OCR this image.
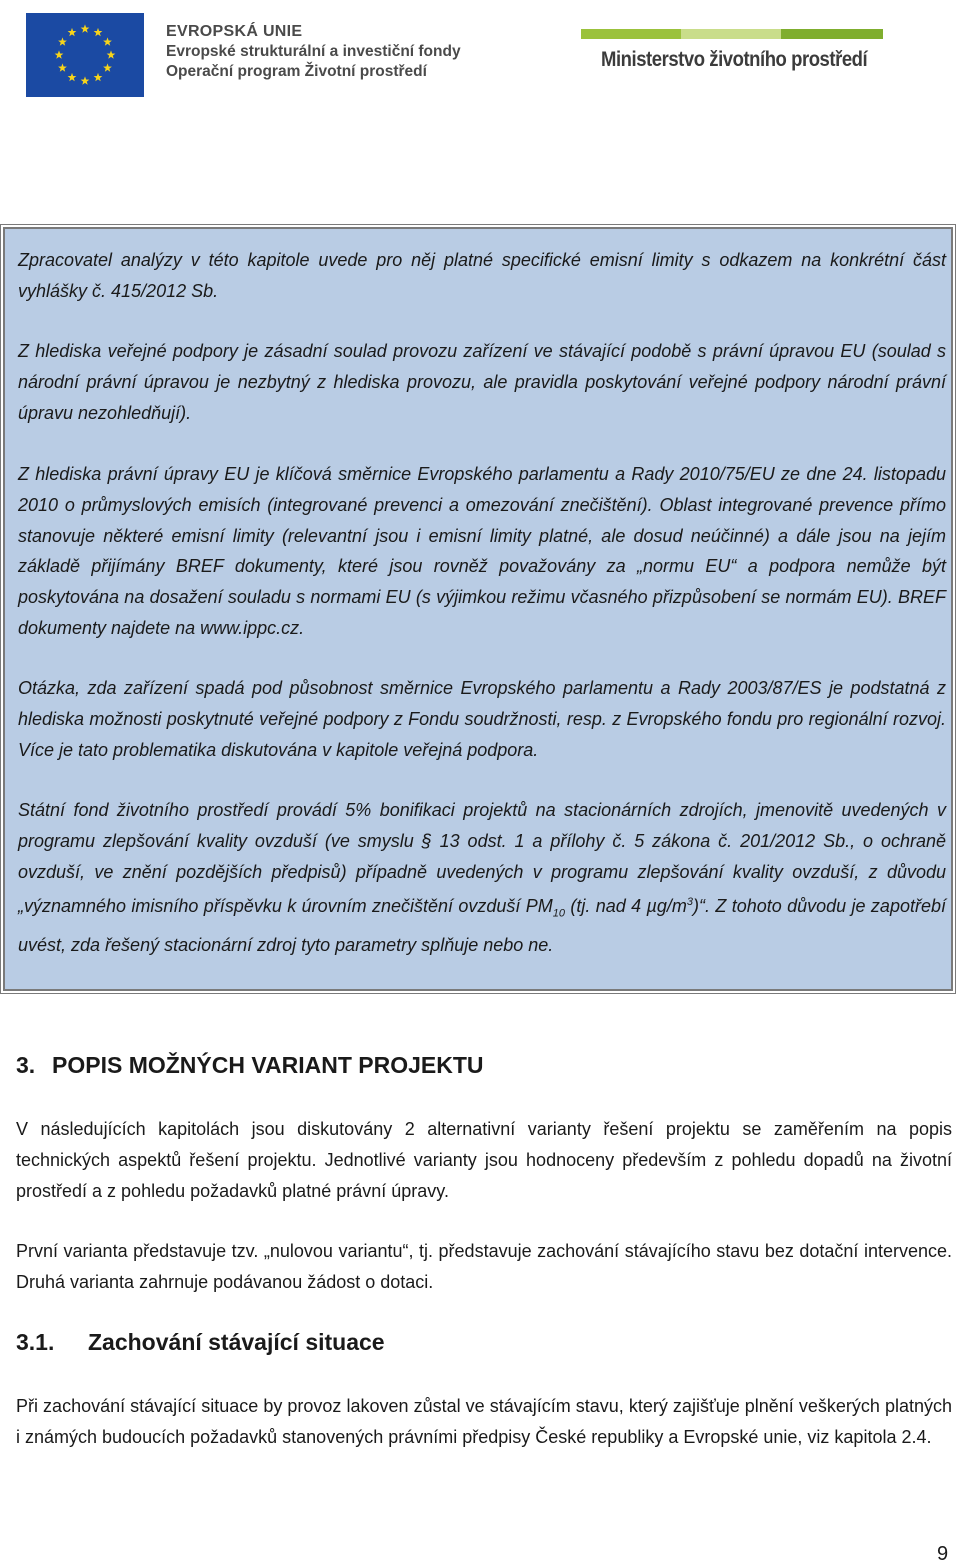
EVROPSKÁ UNIE
Evropské strukturální a investiční fondy
Operační program Životní prostředí
Ministerstvo životního prostředí

Zpracovatel analýzy v této kapitole uvede pro něj platné specifické emisní limity s odkazem na konkrétní část vyhlášky č. 415/2012 Sb.

Z hlediska veřejné podpory je zásadní soulad provozu zařízení ve stávající podobě s právní úpravou EU (soulad s národní právní úpravou je nezbytný z hlediska provozu, ale pravidla poskytování veřejné podpory národní právní úpravu nezohledňují).

Z hlediska právní úpravy EU je klíčová směrnice Evropského parlamentu a Rady 2010/75/EU ze dne 24. listopadu 2010 o průmyslových emisích (integrované prevenci a omezování znečištění). Oblast integrované prevence přímo stanovuje některé emisní limity (relevantní jsou i emisní limity platné, ale dosud neúčinné) a dále jsou na jejím základě přijímány BREF dokumenty, které jsou rovněž považovány za „normu EU“ a podpora nemůže být poskytována na dosažení souladu s normami EU (s výjimkou režimu včasného přizpůsobení se normám EU). BREF dokumenty najdete na www.ippc.cz.

Otázka, zda zařízení spadá pod působnost směrnice Evropského parlamentu a Rady 2003/87/ES je podstatná z hlediska možnosti poskytnuté veřejné podpory z Fondu soudržnosti, resp. z Evropského fondu pro regionální rozvoj. Více je tato problematika diskutována v kapitole veřejná podpora.

Státní fond životního prostředí provádí 5% bonifikaci projektů na stacionárních zdrojích, jmenovitě uvedených v programu zlepšování kvality ovzduší (ve smyslu § 13 odst. 1 a přílohy č. 5 zákona č. 201/2012 Sb., o ochraně ovzduší, ve znění pozdějších předpisů) případně uvedených v programu zlepšování kvality ovzduší, z důvodu „významného imisního příspěvku k úrovním znečištění ovzduší $PM_{10}$ (tj. nad 4 $\mu g/m^3)“$. Z tohoto důvodu je zapotřebí uvést, zda řešený stacionární zdroj tyto parametry splňuje nebo ne.

3. POPIS MOŽNÝCH VARIANT PROJEKTU

V následujících kapitolách jsou diskutovány 2 alternativní varianty řešení projektu se zaměřením na popis technických aspektů řešení projektu. Jednotlivé varianty jsou hodnoceny především z pohledu dopadů na životní prostředí a z pohledu požadavků platné právní úpravy.

První varianta představuje tzv. „nulovou variantu“, tj. představuje zachování stávajícího stavu bez dotační intervence. Druhá varianta zahrnuje podávanou žádost o dotaci.

3.1. Zachování stávající situace

Při zachování stávající situace by provoz lakoven zůstal ve stávajícím stavu, který zajišťuje plnění veškerých platných i známých budoucích požadavků stanovených právními předpisy České republiky a Evropské unie, viz kapitola 2.4.

9
